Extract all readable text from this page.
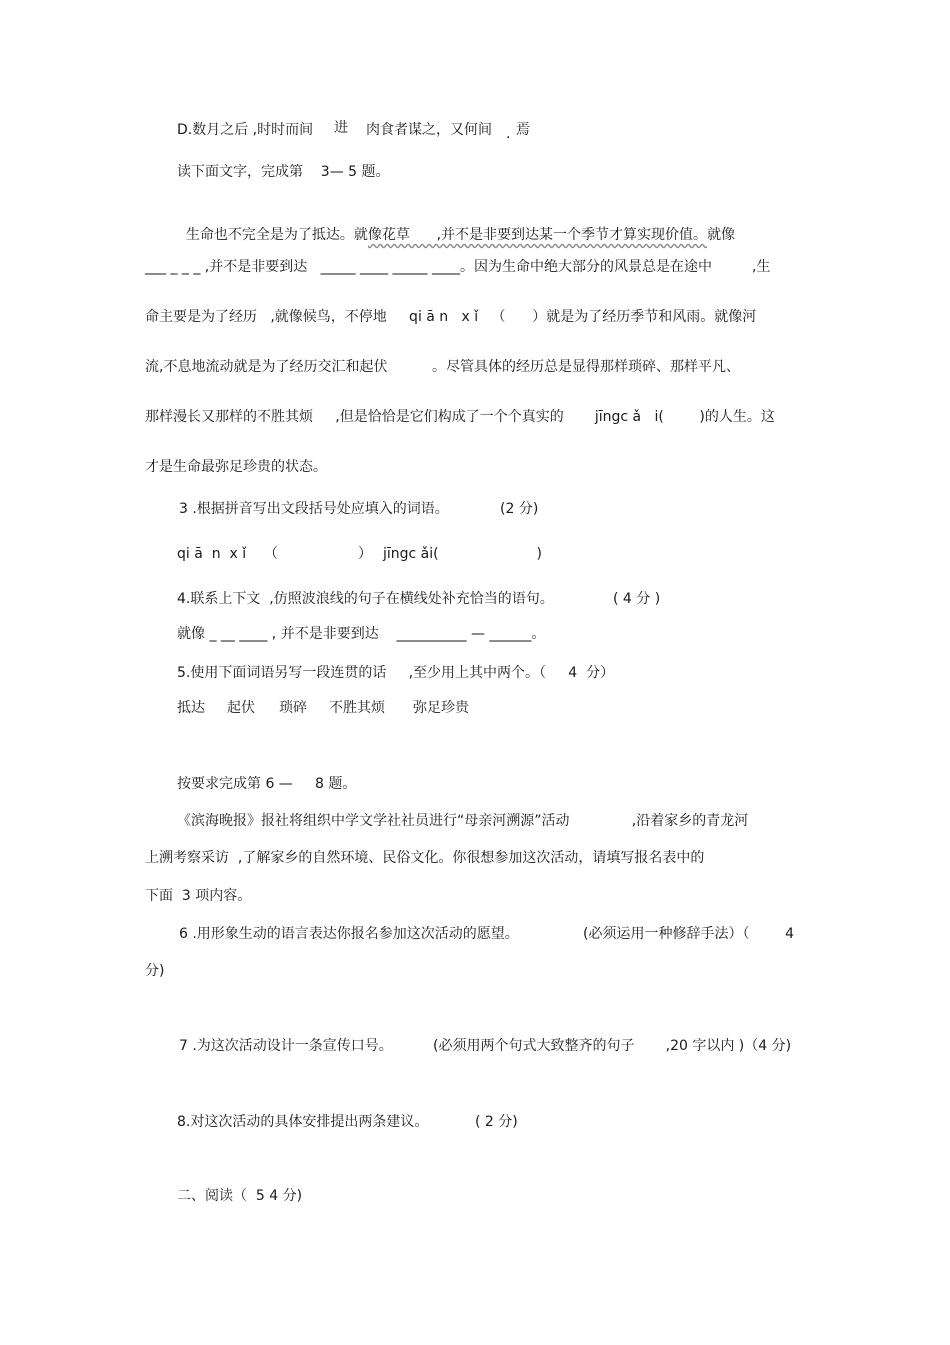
D.数月之后 ,时时而间 进 肉食者谋之，又何间 . 焉
读下面文字，完成第    3— 5 题。

生命也不完全是为了抵达。就像花草      ,并不是非要到达某一个季节才算实现价值。就像

___ _ _ _ ,并不是非要到达   _____ ____ _____ ____。因为生命中绝大部分的风景总是在途中         ,生
命主要是为了经历   ,就像候鸟，不停地     qi ā n   x ǐ   （      ）就是为了经历季节和风雨。就像河
流,不息地流动就是为了经历交汇和起伏          。尽管具体的经历总是显得那样琐碎、那样平凡、
那样漫长又那样的不胜其烦     ,但是恰恰是它们构成了一个个真实的       jīngc ǎ   i(        )的人生。这
才是生命最弥足珍贵的状态。
3 .根据拼音写出文段括号处应填入的词语。	(2 分)
qi ā  n  x ǐ    （                  ） jīngc ǎi(                      )
4.联系上下文  ,仿照波浪线的句子在横线处补充恰当的语句。	( 4 分 )
就像 _ __ ____ , 并不是非要到达    __________ — ______。
5.使用下面词语另写一段连贯的话     ,至少用上其中两个。（     4  分）
抵达 起伏 琐碎 不胜其烦 弥足珍贵
按要求完成第 6 —     8 题。
《滨海晚报》报社将组织中学文学社社员进行“母亲河溯源”活动              ,沿着家乡的青龙河
上溯考察采访  ,了解家乡的自然环境、民俗文化。你很想参加这次活动，请填写报名表中的
下面  3 项内容。
6 .用形象生动的语言表达你报名参加这次活动的愿望。	(必须运用一种修辞手法）（        4
分)
7 .为这次活动设计一条宣传口号。	(必须用两个句式大致整齐的句子       ,20 字以内 )（4 分)
8.对这次活动的具体安排提出两条建议。	( 2 分)
二、阅读（  5 4 分)
